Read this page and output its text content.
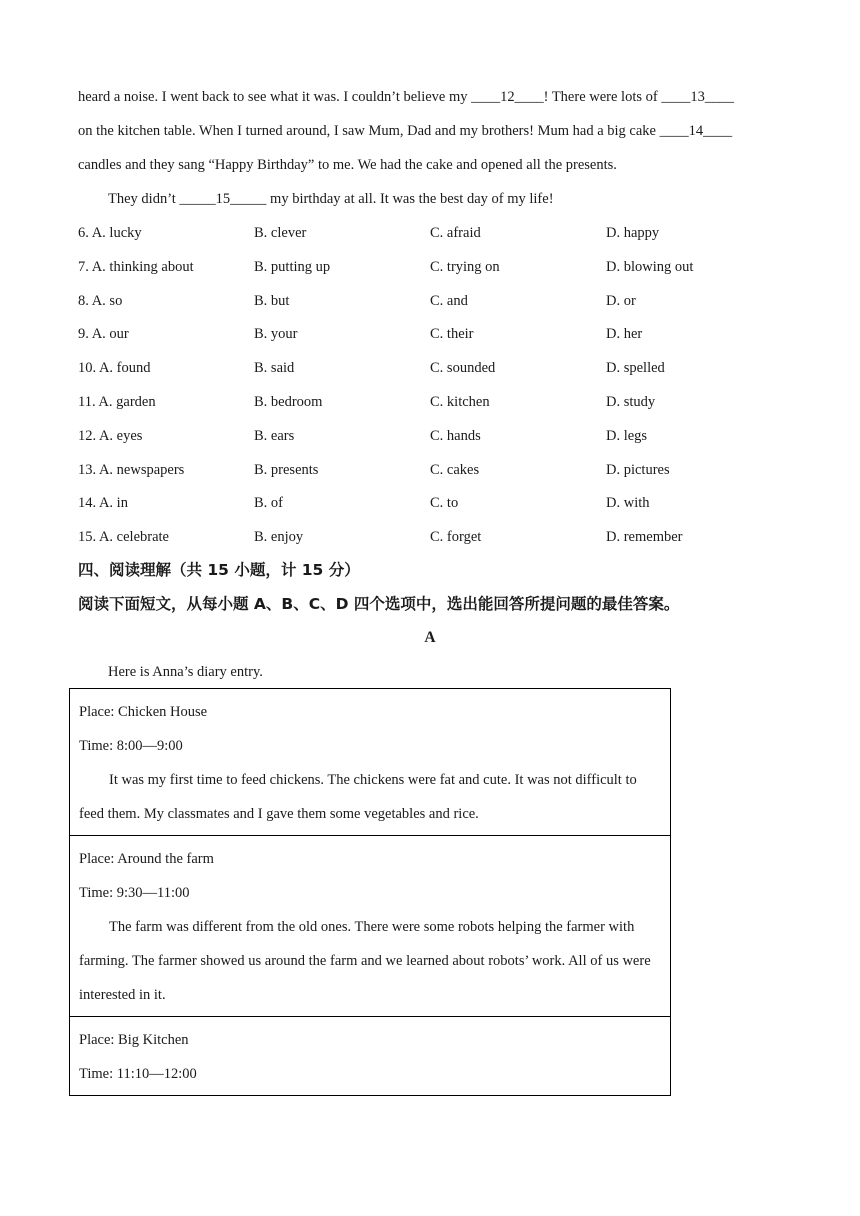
heard a noise. I went back to see what it was. I couldn’t believe my ____12____! There were lots of ____13____
on the kitchen table. When I turned around, I saw Mum, Dad and my brothers! Mum had a big cake ____14____
candles and they sang “Happy Birthday” to me. We had the cake and opened all the presents.
They didn’t _____15_____ my birthday at all. It was the best day of my life!
6. A. lucky	B. clever	C. afraid	D. happy
7. A. thinking about	B. putting up	C. trying on	D. blowing out
8. A. so	B. but	C. and	D. or
9. A. our	B. your	C. their	D. her
10. A. found	B. said	C. sounded	D. spelled
11. A. garden	B. bedroom	C. kitchen	D. study
12. A. eyes	B. ears	C. hands	D. legs
13. A. newspapers	B. presents	C. cakes	D. pictures
14. A. in	B. of	C. to	D. with
15. A. celebrate	B. enjoy	C. forget	D. remember
四、阅读理解（共 15 小题，计 15 分）
阅读下面短文，从每小题 A、B、C、D 四个选项中，选出能回答所提问题的最佳答案。
A
Here is Anna’s diary entry.
Place: Chicken House
Time: 8:00—9:00
It was my first time to feed chickens. The chickens were fat and cute. It was not difficult to feed them. My classmates and I gave them some vegetables and rice.

Place: Around the farm
Time: 9:30—11:00
The farm was different from the old ones. There were some robots helping the farmer with farming. The farmer showed us around the farm and we learned about robots’ work. All of us were interested in it.

Place: Big Kitchen
Time: 11:10—12:00
